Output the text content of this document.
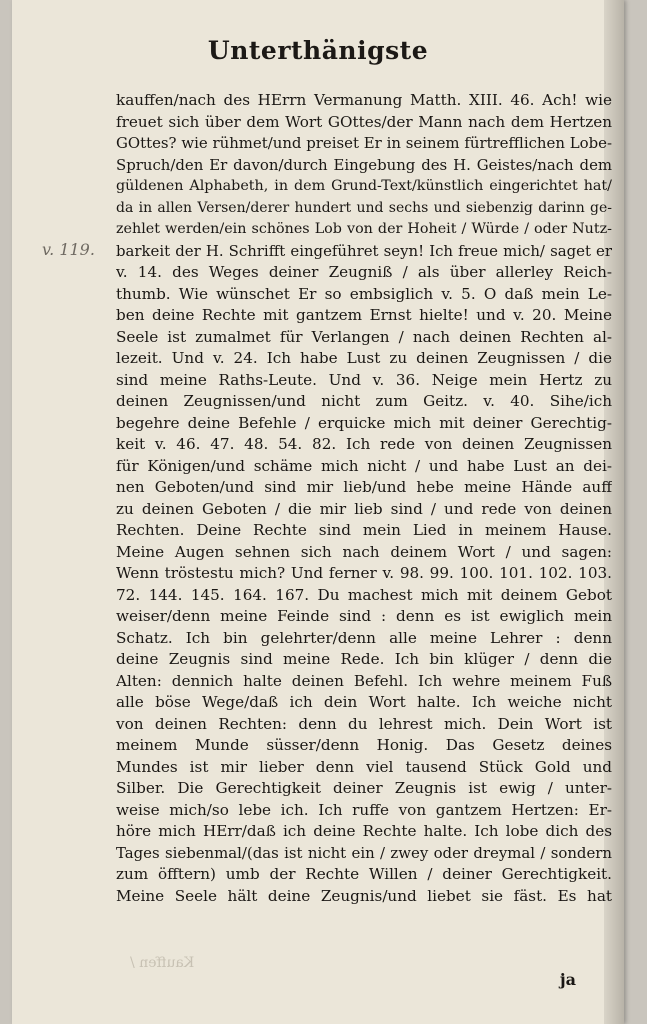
Unterthänigste
v. 119.
kauffen/nach des HErrn Vermanung Matth. XIII. 46. Ach! wie
freuet sich über dem Wort GOttes/der Mann nach dem Hertzen
GOttes? wie rühmet/und preiset Er in seinem fürtrefflichen Lobe-
Spruch/den Er davon/durch Eingebung des H. Geistes/nach dem
güldenen Alphabeth, in dem Grund-Text/künstlich eingerichtet hat/
da in allen Versen/derer hundert und sechs und siebenzig darinn ge-
zehlet werden/ein schönes Lob von der Hoheit / Würde / oder Nutz-
barkeit der H. Schrifft eingeführet seyn! Ich freue mich/ saget er
v. 14. des Weges deiner Zeugniß / als über allerley Reich-
thumb. Wie wünschet Er so embsiglich v. 5. O daß mein Le-
ben deine Rechte mit gantzem Ernst hielte! und v. 20. Meine
Seele ist zumalmet für Verlangen / nach deinen Rechten al-
lezeit. Und v. 24. Ich habe Lust zu deinen Zeugnissen / die
sind meine Raths-Leute. Und v. 36. Neige mein Hertz zu
deinen Zeugnissen/und nicht zum Geitz. v. 40. Sihe/ich
begehre deine Befehle / erquicke mich mit deiner Gerechtig-
keit v. 46. 47. 48. 54. 82. Ich rede von deinen Zeugnissen
für Königen/und schäme mich nicht / und habe Lust an dei-
nen Geboten/und sind mir lieb/und hebe meine Hände auff
zu deinen Geboten / die mir lieb sind / und rede von deinen
Rechten. Deine Rechte sind mein Lied in meinem Hause.
Meine Augen sehnen sich nach deinem Wort / und sagen:
Wenn tröstestu mich? Und ferner v. 98. 99. 100. 101. 102. 103.
72. 144. 145. 164. 167. Du machest mich mit deinem Gebot
weiser/denn meine Feinde sind : denn es ist ewiglich mein
Schatz. Ich bin gelehrter/denn alle meine Lehrer : denn
deine Zeugnis sind meine Rede. Ich bin klüger / denn die
Alten: dennich halte deinen Befehl. Ich wehre meinem Fuß
alle böse Wege/daß ich dein Wort halte. Ich weiche nicht
von deinen Rechten: denn du lehrest mich. Dein Wort ist
meinem Munde süsser/denn Honig. Das Gesetz deines
Mundes ist mir lieber denn viel tausend Stück Gold und
Silber. Die Gerechtigkeit deiner Zeugnis ist ewig / unter-
weise mich/so lebe ich. Ich ruffe von gantzem Hertzen: Er-
höre mich HErr/daß ich deine Rechte halte. Ich lobe dich des
Tages siebenmal/(das ist nicht ein / zwey oder dreymal / sondern
zum öfftern) umb der Rechte Willen / deiner Gerechtigkeit.
Meine Seele hält deine Zeugnis/und liebet sie fäst. Es hat
Kauffen /
ja
